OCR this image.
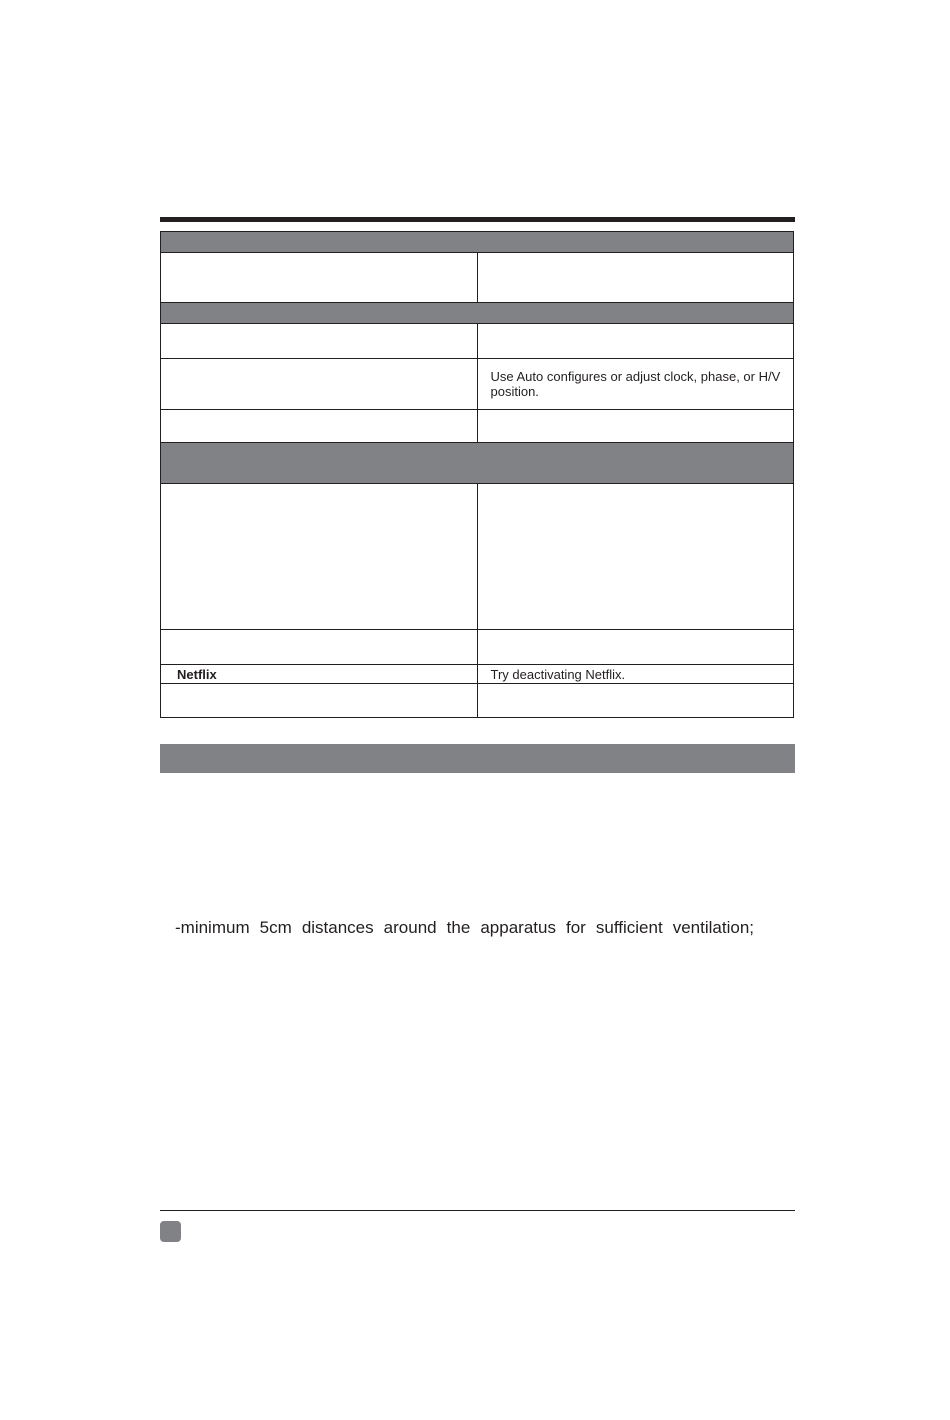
	Use Auto configures or adjust clock, phase, or H/V position.

Netflix	Try deactivating Netflix.

-minimum 5cm distances around the apparatus for sufficient ventilation;
